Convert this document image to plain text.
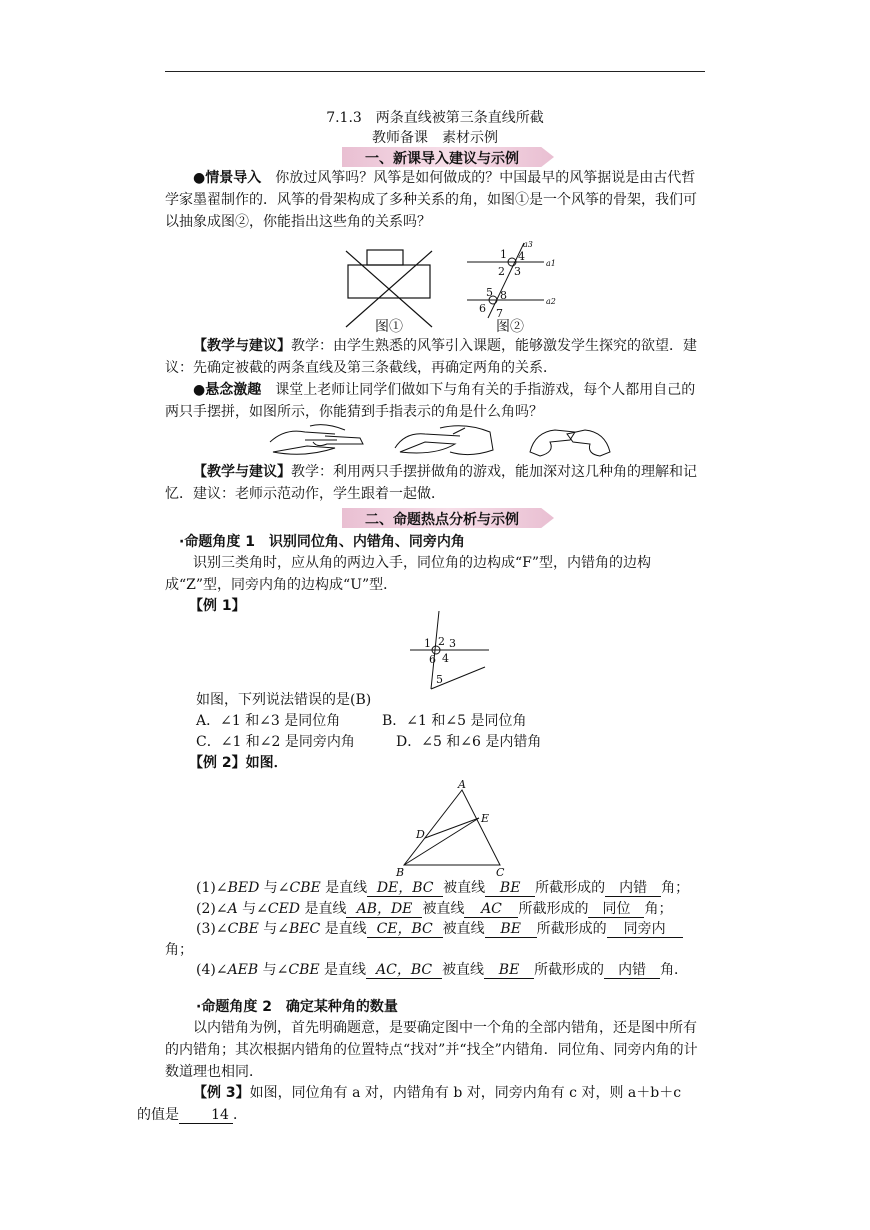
7.1.3　两条直线被第三条直线所截
教师备课　素材示例
一、新课导入建议与示例
●情景导入　你放过风筝吗？风筝是如何做成的？中国最早的风筝据说是由古代哲学家墨翟制作的．风筝的骨架构成了多种关系的角，如图①是一个风筝的骨架，我们可以抽象成图②，你能指出这些角的关系吗？
图①
1
2 3
4
5
6 7
8
a3
a1
a2
图②
【教学与建议】教学：由学生熟悉的风筝引入课题，能够激发学生探究的欲望．建议：先确定被截的两条直线及第三条截线，再确定两角的关系．
●悬念激趣　课堂上老师让同学们做如下与角有关的手指游戏，每个人都用自己的两只手摆拼，如图所示，你能猜到手指表示的角是什么角吗？
【教学与建议】教学：利用两只手摆拼做角的游戏，能加深对这几种角的理解和记忆．建议：老师示范动作，学生跟着一起做．
二、命题热点分析与示例
·命题角度 1　识别同位角、内错角、同旁内角
识别三类角时，应从角的两边入手，同位角的边构成“F”型，内错角的边构成“Z”型，同旁内角的边构成“U”型．
【例 1】
1 2 3
4
5
6
如图，下列说法错误的是(B)
A．∠1 和∠3 是同位角	B．∠1 和∠5 是同位角
C．∠1 和∠2 是同旁内角	D．∠5 和∠6 是内错角
【例 2】如图．
A
B	C
D
E
(1)∠BED 与∠CBE 是直线 DE，BC 被直线 BE 所截形成的 内错 角；
(2)∠A 与∠CED 是直线 AB，DE 被直线 AC 所截形成的 同位 角；
(3)∠CBE 与∠BEC 是直线 CE，BC 被直线 BE 所截形成的 同旁内
角；
(4)∠AEB 与∠CBE 是直线 AC，BC 被直线 BE 所截形成的 内错 角．
·命题角度 2　确定某种角的数量
以内错角为例，首先明确题意，是要确定图中一个角的全部内错角，还是图中所有的内错角；其次根据内错角的位置特点“找对”并“找全”内错角．同位角、同旁内角的计数道理也相同．
【例 3】如图，同位角有 a 对，内错角有 b 对，同旁内角有 c 对，则 a＋b＋c
的值是 14 ．
